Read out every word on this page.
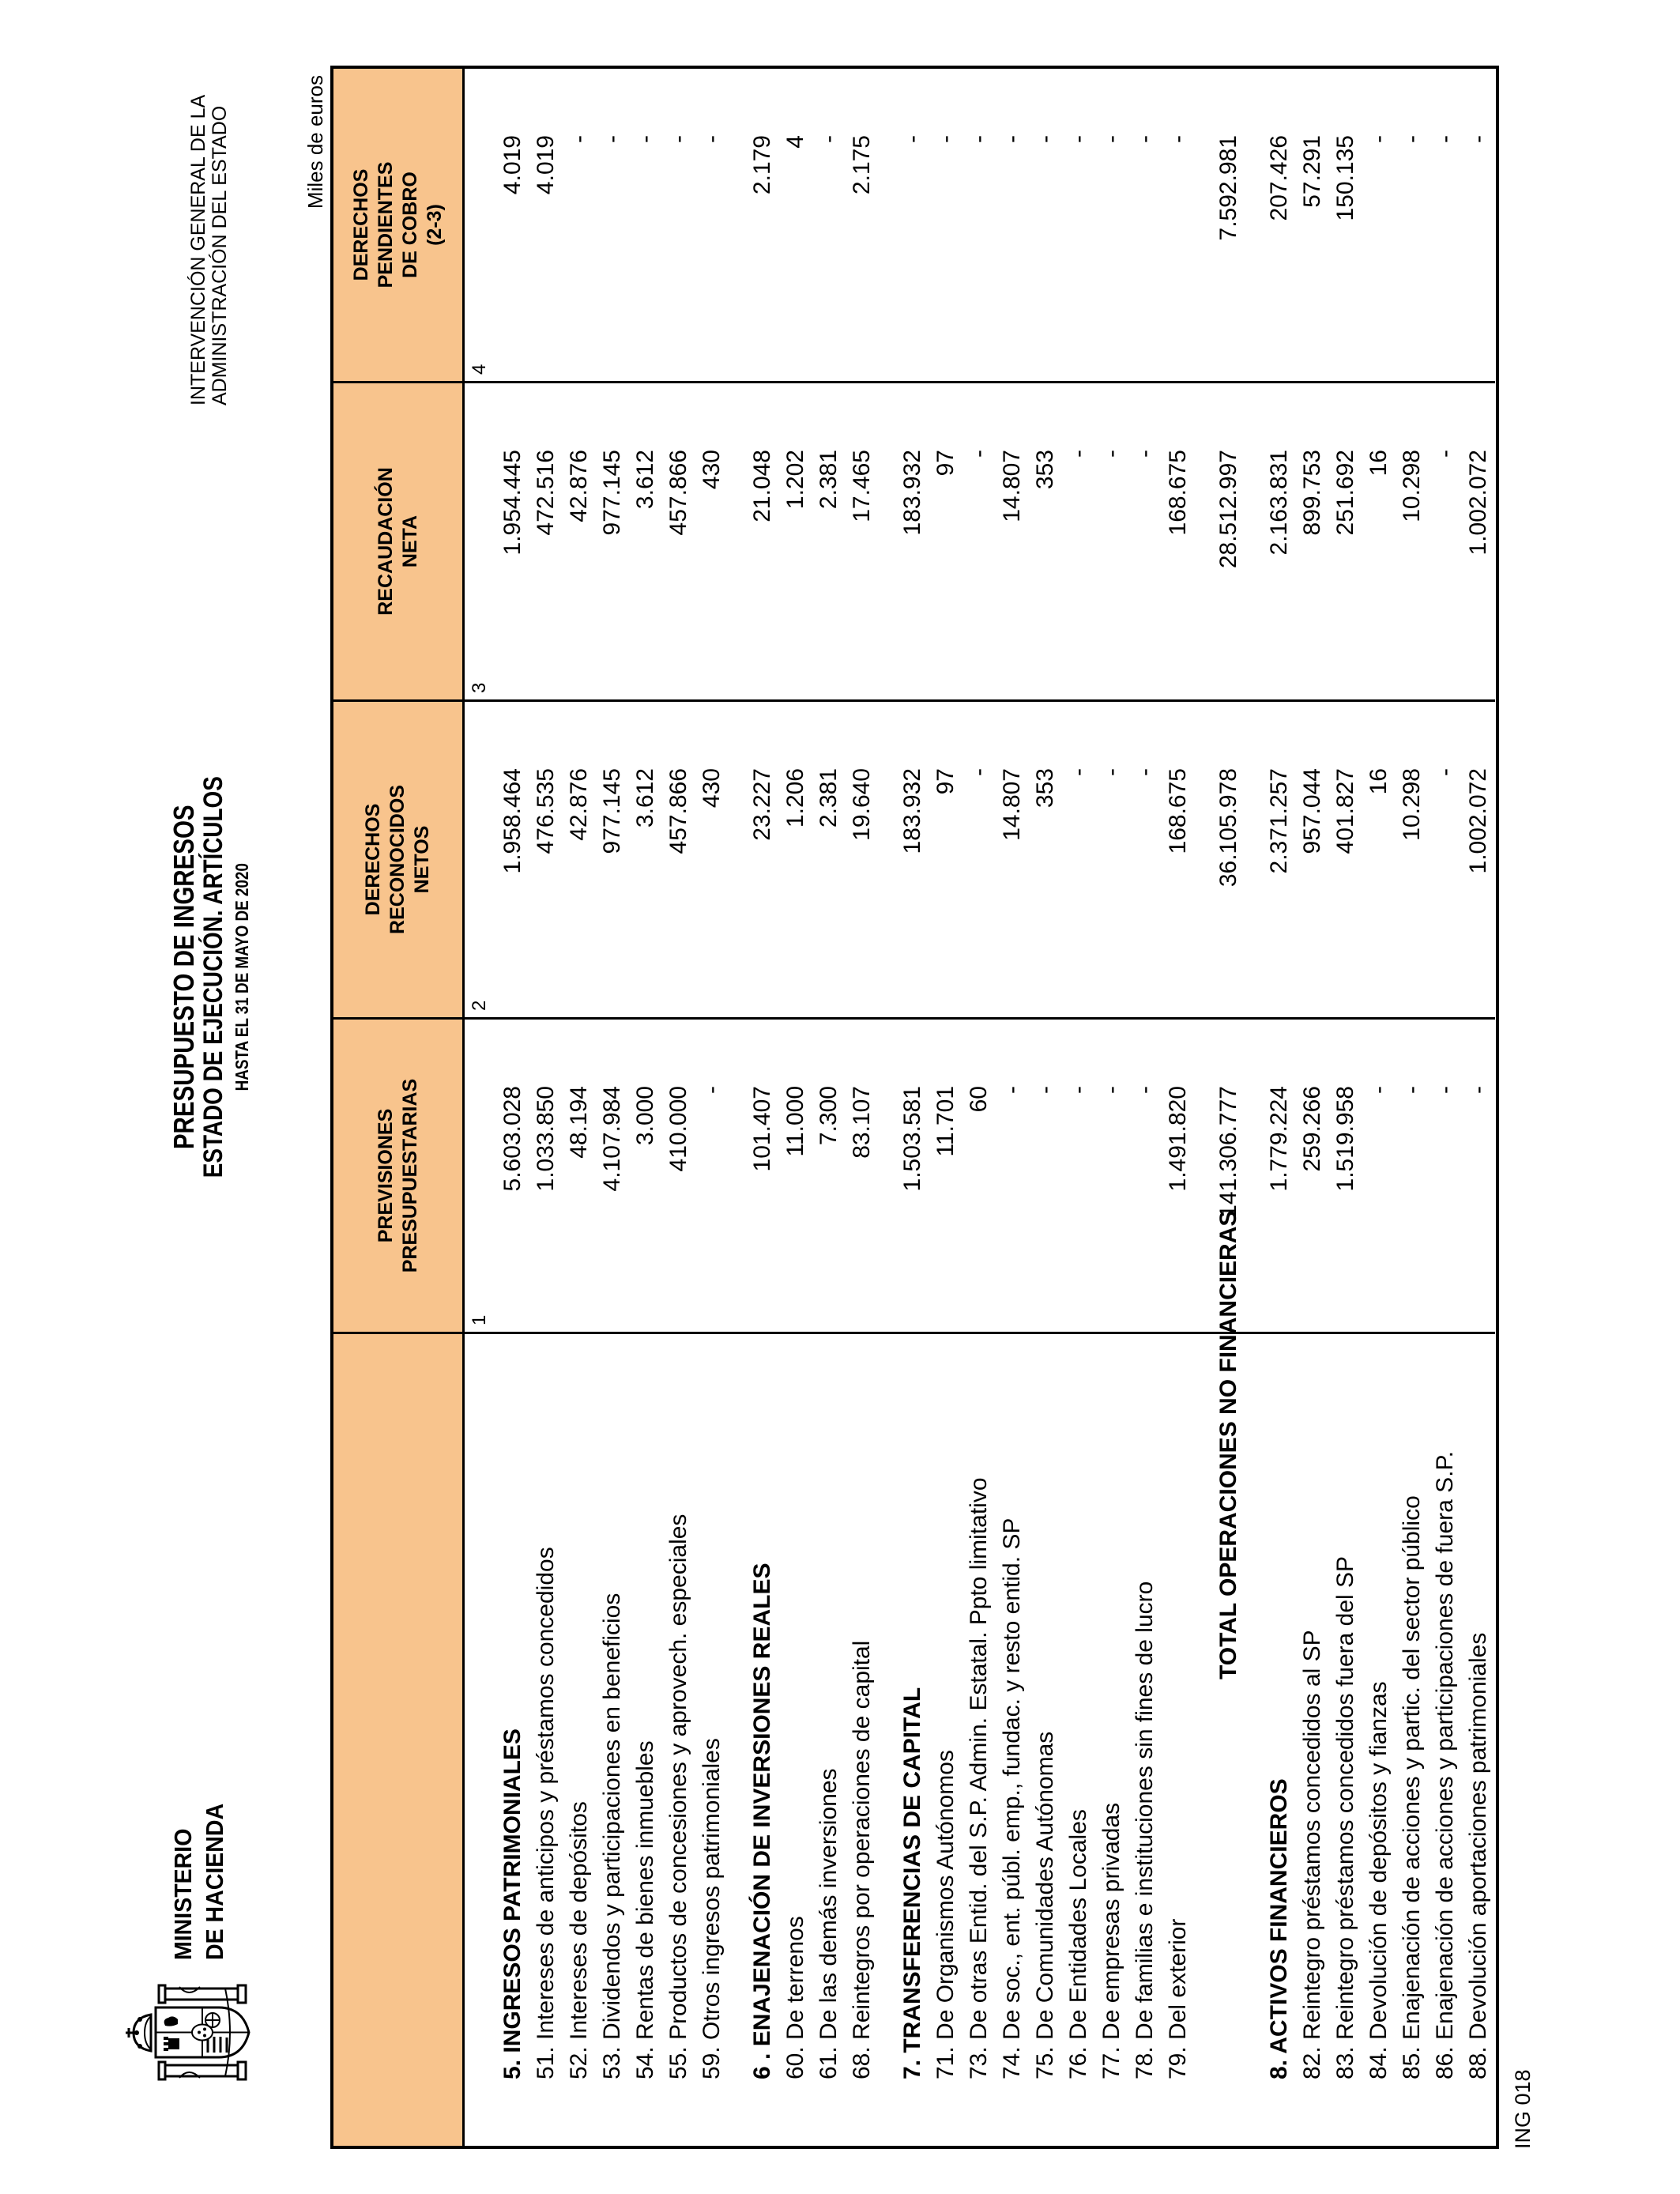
MINISTERIO DE HACIENDA
PRESUPUESTO DE INGRESOS
ESTADO DE EJECUCIÓN. ARTÍCULOS HASTA EL 31 DE MAYO DE 2020
INTERVENCIÓN GENERAL DE LA
ADMINISTRACIÓN DEL ESTADO	Miles de euros
PREVISIONES PRESUPUESTARIAS
DERECHOS RECONOCIDOS NETOS
RECAUDACIÓN NETA
DERECHOS PENDIENTES DE COBRO (2-3)
1
2
3
4
5. INGRESOS PATRIMONIALES
5.603.028
1.958.464
1.954.445
4.019
51. Intereses de anticipos y préstamos concedidos
1.033.850
476.535
472.516
4.019
52. Intereses de depósitos
48.194
42.876
42.876
-
53. Dividendos y participaciones en beneficios
4.107.984
977.145
977.145
-
54. Rentas de bienes inmuebles
3.000
3.612
3.612
-
55. Productos de concesiones y aprovech. especiales
410.000
457.866
457.866
-
59. Otros ingresos patrimoniales
-
430
430
-
6 . ENAJENACIÓN DE INVERSIONES REALES
101.407
23.227
21.048
2.179
60. De terrenos
11.000
1.206
1.202
4
61. De las demás inversiones
7.300
2.381
2.381
-
68. Reintegros por operaciones de capital
83.107
19.640
17.465
2.175
7. TRANSFERENCIAS DE CAPITAL
1.503.581
183.932
183.932
-
71. De Organismos Autónomos
11.701
97
97
-
73. De otras Entid. del S.P. Admin. Estatal. Ppto limitativo
60
-
-
-
74. De soc., ent. públ. emp., fundac. y resto entid. SP
-
14.807
14.807
-
75. De Comunidades Autónomas
-
353
353
-
76. De Entidades Locales
-
-
-
-
77. De empresas privadas
-
-
-
-
78. De familias e instituciones sin fines de lucro
-
-
-
-
79. Del exterior
1.491.820
168.675
168.675
-
TOTAL OPERACIONES NO FINANCIERAS
141.306.777
36.105.978
28.512.997
7.592.981
8. ACTIVOS FINANCIEROS
1.779.224
2.371.257
2.163.831
207.426
82. Reintegro préstamos concedidos al SP
259.266
957.044
899.753
57.291
83. Reintegro préstamos concedidos fuera del SP
1.519.958
401.827
251.692
150.135
84. Devolución de depósitos y fianzas
-
16
16
-
85. Enajenación de acciones y partic. del sector público
-
10.298
10.298
-
86. Enajenación de acciones y participaciones de fuera S.P.
-
-
-
-
88. Devolución aportaciones patrimoniales
-
1.002.072
1.002.072
-
ING 018
